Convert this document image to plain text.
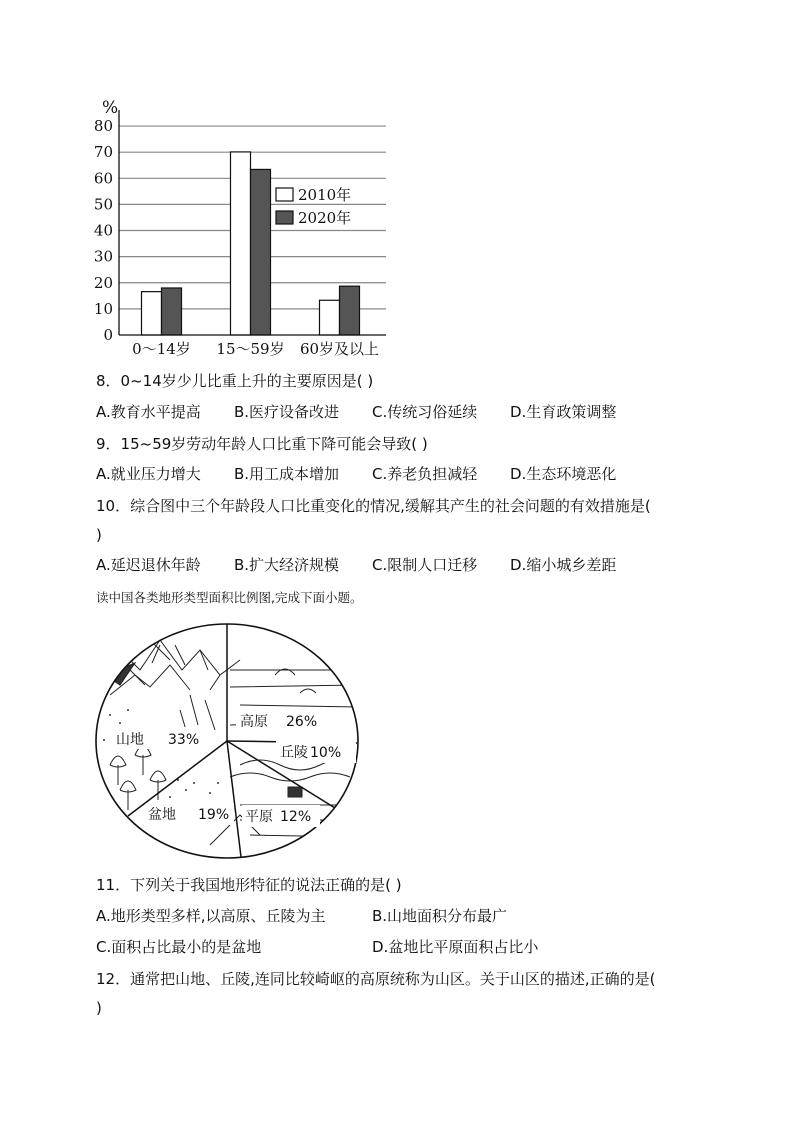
0
10
20
30
40
50
60
70
80
0～14岁 15～59岁 60岁及以上
%
2010年
2020年
8．0~14岁少儿比重上升的主要原因是( )
A.教育水平提高 B.医疗设备改进 C.传统习俗延续 D.生育政策调整
9．15~59岁劳动年龄人口比重下降可能会导致( )
A.就业压力增大 B.用工成本增加 C.养老负担减轻 D.生态环境恶化
10．综合图中三个年龄段人口比重变化的情况,缓解其产生的社会问题的有效措施是(
)
A.延迟退休年龄 B.扩大经济规模 C.限制人口迁移 D.缩小城乡差距
读中国各类地形类型面积比例图,完成下面小题。
山地 33%
高原 26%
丘陵 10%
平原 12%
盆地 19%
11．下列关于我国地形特征的说法正确的是( )
A.地形类型多样,以高原、丘陵为主	B.山地面积分布最广
C.面积占比最小的是盆地	D.盆地比平原面积占比小
12．通常把山地、丘陵,连同比较崎岖的高原统称为山区。关于山区的描述,正确的是(
)
